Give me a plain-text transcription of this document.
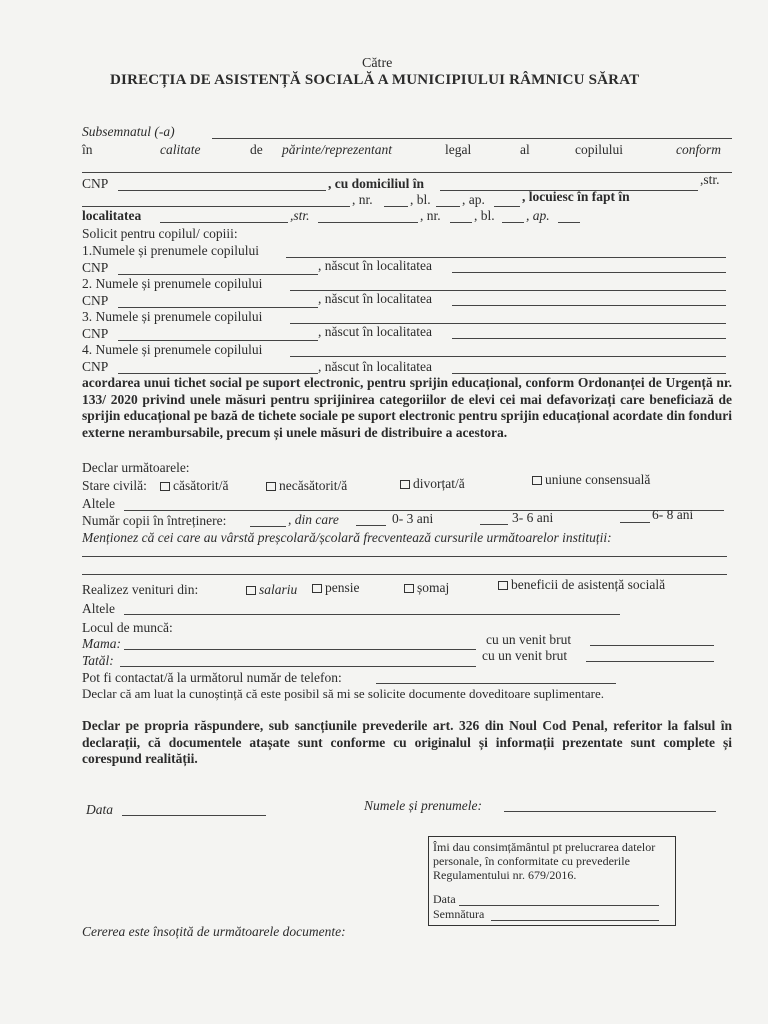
Către
DIRECȚIA DE ASISTENȚĂ SOCIALĂ A MUNICIPIULUI RÂMNICU SĂRAT
Subsemnatul (-a)
în	calitate	de părinte/reprezentant	legal	al	copilului	conform
CNP	, cu domiciliul în	,str.
, nr.	, bl. , ap.	, locuiesc în fapt în
localitatea	,str.	, nr. , bl. , ap.
Solicit pentru copilul/ copiii:
1.Numele și prenumele copilului
CNP	, născut în localitatea
2. Numele și prenumele copilului
CNP	, născut în localitatea
3. Numele și prenumele copilului
CNP	, născut în localitatea
4. Numele și prenumele copilului
CNP	, născut în localitatea
acordarea unui tichet social pe suport electronic, pentru sprijin educațional, conform Ordonanței de Urgență nr. 133/ 2020 privind unele măsuri pentru sprijinirea categoriilor de elevi cei mai defavorizați care beneficiază de sprijin educațional pe bază de tichete sociale pe suport electronic pentru sprijin educațional acordate din fonduri externe nerambursabile, precum și unele măsuri de distribuire a acestora.
Declar următoarele:
Stare civilă:	căsătorit/ă	necăsătorit/ă	divorțat/ă	uniune consensuală
Altele
Număr copii în întreținere:	, din care	0- 3 ani	3- 6 ani	6- 8 ani
Menționez că cei care au vârstă preșcolară/școlară frecventează cursurile următoarelor instituții:
Realizez venituri din:	salariu	pensie	șomaj	beneficii de asistență socială
Altele
Locul de muncă:
Mama:	cu un venit brut
Tatăl:	cu un venit brut
Pot fi contactat/ă la următorul număr de telefon:
Declar că am luat la cunoștință că este posibil să mi se solicite documente doveditoare suplimentare.
Declar pe propria răspundere, sub sancțiunile prevederile art. 326 din Noul Cod Penal, referitor la falsul în declarații, că documentele atașate sunt conforme cu originalul și informații prezentate sunt complete și corespund realității.
Data	Numele și prenumele:
Îmi dau consimțământul pt prelucrarea datelor personale, în conformitate cu prevederile Regulamentului nr. 679/2016.
Data
Semnătura
Cererea este însoțită de următoarele documente:
